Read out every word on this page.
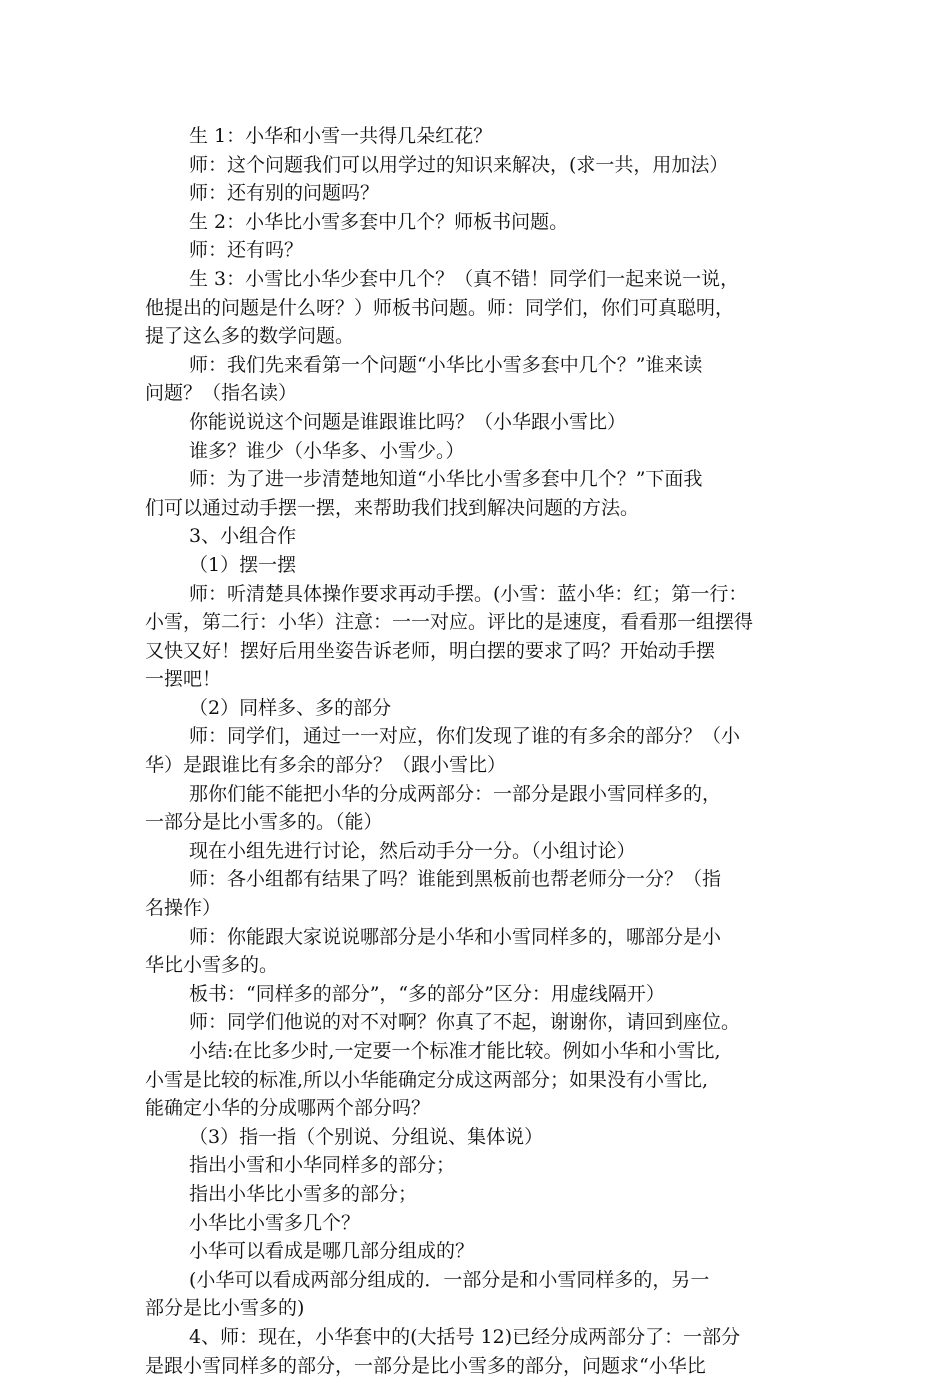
生 1：小华和小雪一共得几朵红花？
师：这个问题我们可以用学过的知识来解决，(求一共，用加法）
师：还有别的问题吗？
生 2：小华比小雪多套中几个？师板书问题。
师：还有吗？
生 3：小雪比小华少套中几个？（真不错！同学们一起来说一说，
他提出的问题是什么呀？）师板书问题。师：同学们，你们可真聪明，
提了这么多的数学问题。
师：我们先来看第一个问题“小华比小雪多套中几个？”谁来读
问题？（指名读）
你能说说这个问题是谁跟谁比吗？（小华跟小雪比）
谁多？谁少（小华多、小雪少。）
师：为了进一步清楚地知道“小华比小雪多套中几个？”下面我
们可以通过动手摆一摆，来帮助我们找到解决问题的方法。
3、小组合作
（1）摆一摆
师：听清楚具体操作要求再动手摆。(小雪：蓝小华：红；第一行：
小雪，第二行：小华）注意：一一对应。评比的是速度，看看那一组摆得
又快又好！摆好后用坐姿告诉老师，明白摆的要求了吗？开始动手摆
一摆吧！
（2）同样多、多的部分
师：同学们，通过一一对应，你们发现了谁的有多余的部分？（小
华）是跟谁比有多余的部分？（跟小雪比）
那你们能不能把小华的分成两部分：一部分是跟小雪同样多的，
一部分是比小雪多的。（能）
现在小组先进行讨论，然后动手分一分。（小组讨论）
师：各小组都有结果了吗？谁能到黑板前也帮老师分一分？（指
名操作）
师：你能跟大家说说哪部分是小华和小雪同样多的，哪部分是小
华比小雪多的。
板书：“同样多的部分”，“多的部分”区分：用虚线隔开）
师：同学们他说的对不对啊？你真了不起，谢谢你，请回到座位。
小结:在比多少时,一定要一个标准才能比较。例如小华和小雪比,
小雪是比较的标准,所以小华能确定分成这两部分；如果没有小雪比,
能确定小华的分成哪两个部分吗？
（3）指一指（个别说、分组说、集体说）
指出小雪和小华同样多的部分；
指出小华比小雪多的部分；
小华比小雪多几个？
小华可以看成是哪几部分组成的？
(小华可以看成两部分组成的．一部分是和小雪同样多的，另一
部分是比小雪多的)
4、师：现在，小华套中的(大括号 12)已经分成两部分了：一部分
是跟小雪同样多的部分，一部分是比小雪多的部分，问题求“小华比
